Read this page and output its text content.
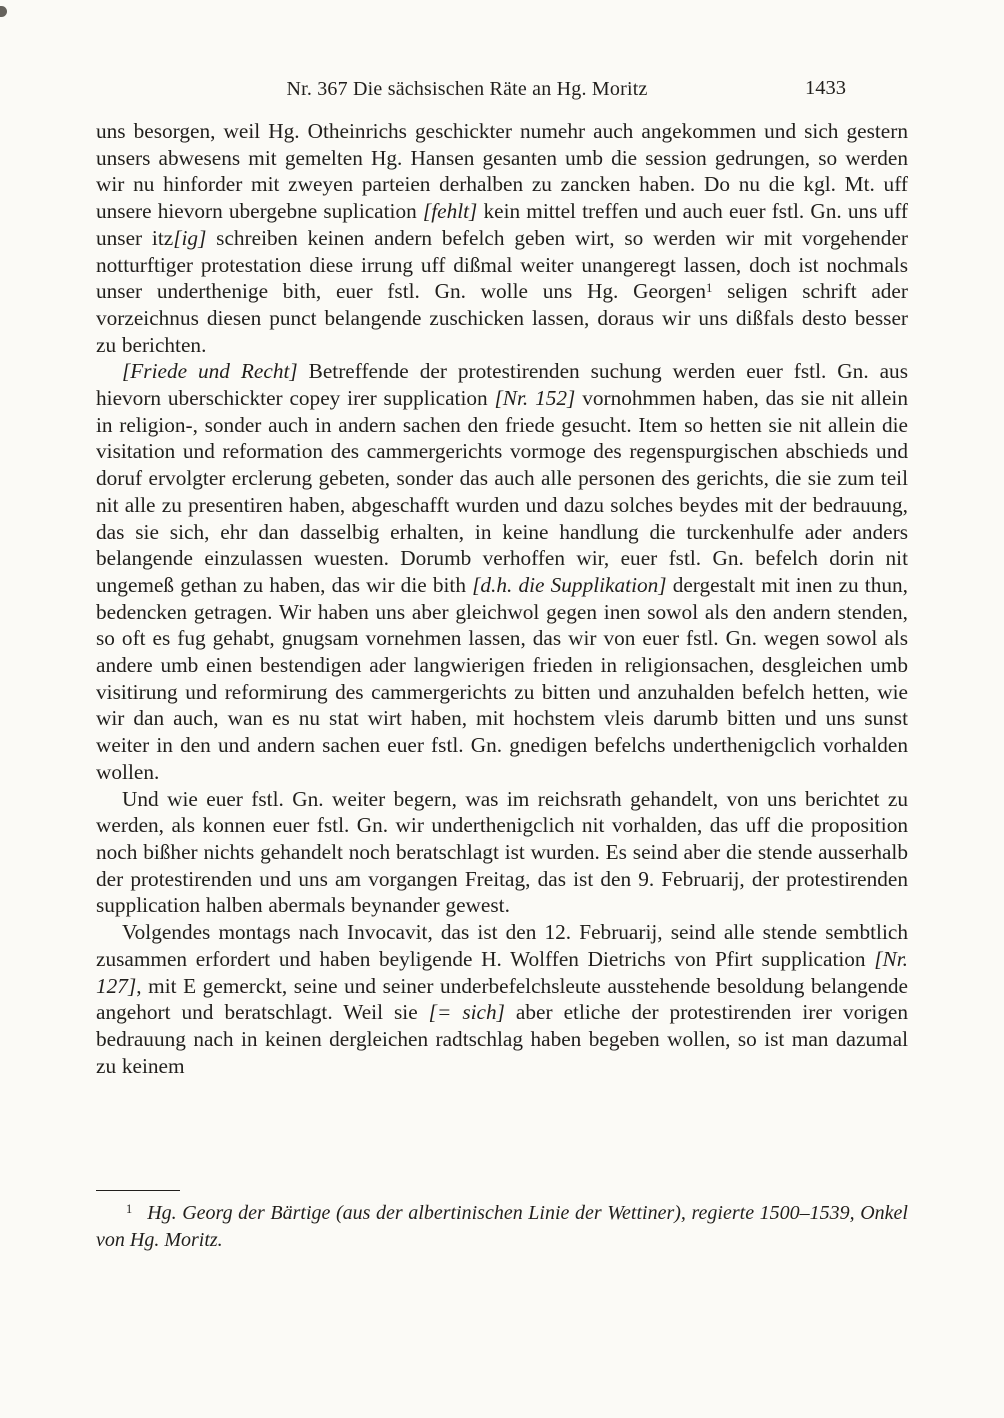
Nr. 367 Die sächsischen Räte an Hg. Moritz	1433

uns besorgen, weil Hg. Otheinrichs geschickter numehr auch angekommen und sich gestern unsers abwesens mit gemelten Hg. Hansen gesanten umb die session gedrungen, so werden wir nu hinforder mit zweyen parteien derhalben zu zancken haben. Do nu die kgl. Mt. uff unsere hievorn ubergebne suplication [fehlt] kein mittel treffen und auch euer fstl. Gn. uns uff unser itz[ig] schreiben keinen andern befelch geben wirt, so werden wir mit vorgehender notturftiger protestation diese irrung uff dißmal weiter unangeregt lassen, doch ist nochmals unser underthenige bith, euer fstl. Gn. wolle uns Hg. Georgen$^1$ seligen schrift ader vorzeichnus diesen punct belangende zuschicken lassen, doraus wir uns dißfals desto besser zu berichten.

[Friede und Recht] Betreffende der protestirenden suchung werden euer fstl. Gn. aus hievorn uberschickter copey irer supplication [Nr. 152] vornohmmen haben, das sie nit allein in religion-, sonder auch in andern sachen den friede gesucht. Item so hetten sie nit allein die visitation und reformation des cammergerichts vormoge des regenspurgischen abschieds und doruf ervolgter erclerung gebeten, sonder das auch alle personen des gerichts, die sie zum teil nit alle zu presentiren haben, abgeschafft wurden und dazu solches beydes mit der bedrauung, das sie sich, ehr dan dasselbig erhalten, in keine handlung die turckenhulfe ader anders belangende einzulassen wuesten. Dorumb verhoffen wir, euer fstl. Gn. befelch dorin nit ungemeß gethan zu haben, das wir die bith [d.h. die Supplikation] dergestalt mit inen zu thun, bedencken getragen. Wir haben uns aber gleichwol gegen inen sowol als den andern stenden, so oft es fug gehabt, gnugsam vornehmen lassen, das wir von euer fstl. Gn. wegen sowol als andere umb einen bestendigen ader langwierigen frieden in religionsachen, desgleichen umb visitirung und reformirung des cammergerichts zu bitten und anzuhalden befelch hetten, wie wir dan auch, wan es nu stat wirt haben, mit hochstem vleis darumb bitten und uns sunst weiter in den und andern sachen euer fstl. Gn. gnedigen befelchs underthenigclich vorhalden wollen.

Und wie euer fstl. Gn. weiter begern, was im reichsrath gehandelt, von uns berichtet zu werden, als konnen euer fstl. Gn. wir underthenigclich nit vorhalden, das uff die proposition noch bißher nichts gehandelt noch beratschlagt ist wurden. Es seind aber die stende ausserhalb der protestirenden und uns am vorgangen Freitag, das ist den 9. Februarij, der protestirenden supplication halben abermals beynander gewest.

Volgendes montags nach Invocavit, das ist den 12. Februarij, seind alle stende sembtlich zusammen erfordert und haben beyligende H. Wolffen Dietrichs von Pfirt supplication [Nr. 127], mit E gemerckt, seine und seiner underbefelchsleute ausstehende besoldung belangende angehort und beratschlagt. Weil sie [= sich] aber etliche der protestirenden irer vorigen bedrauung nach in keinen dergleichen radtschlag haben begeben wollen, so ist man dazumal zu keinem

$^1$ Hg. Georg der Bärtige (aus der albertinischen Linie der Wettiner), regierte 1500–1539, Onkel von Hg. Moritz.
